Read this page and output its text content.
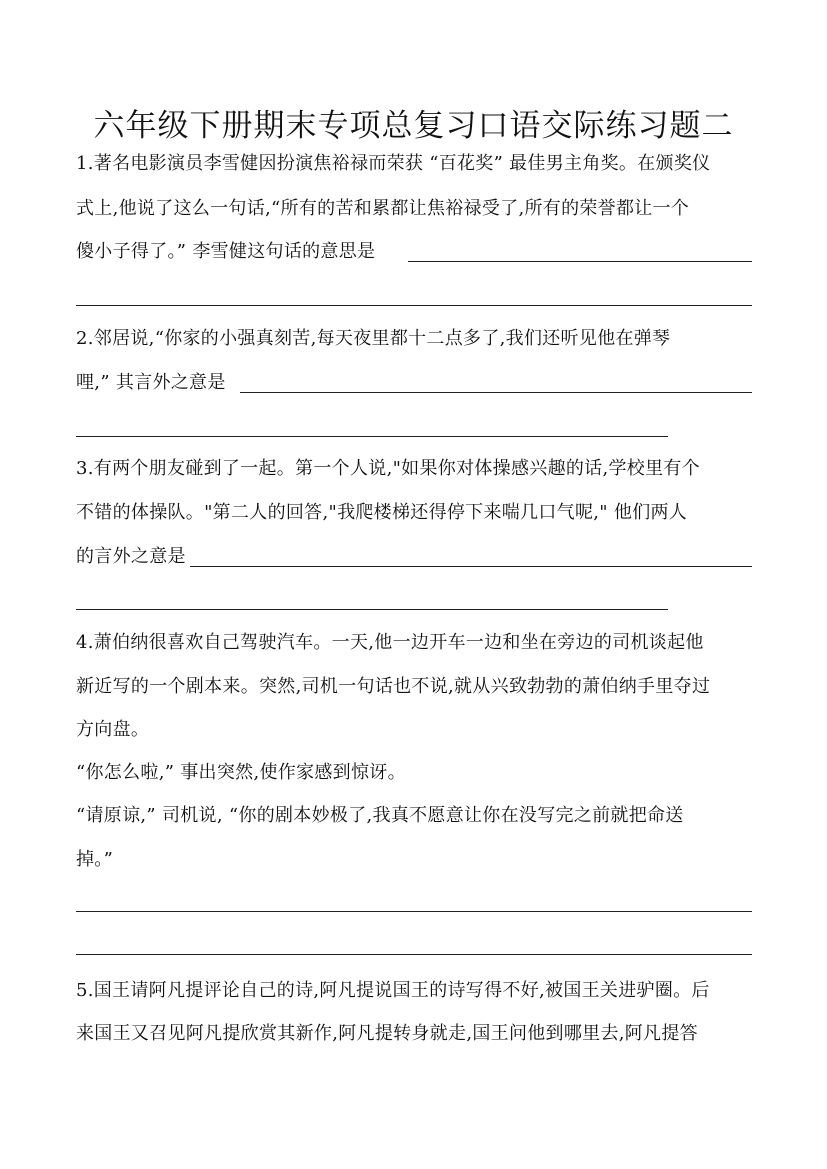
六年级下册期末专项总复习口语交际练习题二
1.著名电影演员李雪健因扮演焦裕禄而荣获 “百花奖” 最佳男主角奖。在颁奖仪
式上,他说了这么一句话,“所有的苦和累都让焦裕禄受了,所有的荣誉都让一个
傻小子得了。” 李雪健这句话的意思是
2.邻居说,“你家的小强真刻苦,每天夜里都十二点多了,我们还听见他在弹琴
哩,” 其言外之意是
3.有两个朋友碰到了一起。第一个人说,"如果你对体操感兴趣的话,学校里有个
不错的体操队。"第二人的回答,"我爬楼梯还得停下来喘几口气呢," 他们两人
的言外之意是
4.萧伯纳很喜欢自己驾驶汽车。一天,他一边开车一边和坐在旁边的司机谈起他
新近写的一个剧本来。突然,司机一句话也不说,就从兴致勃勃的萧伯纳手里夺过
方向盘。
“你怎么啦,” 事出突然,使作家感到惊讶。
“请原谅,” 司机说, “你的剧本妙极了,我真不愿意让你在没写完之前就把命送
掉。”
5.国王请阿凡提评论自己的诗,阿凡提说国王的诗写得不好,被国王关进驴圈。后
来国王又召见阿凡提欣赏其新作,阿凡提转身就走,国王问他到哪里去,阿凡提答
